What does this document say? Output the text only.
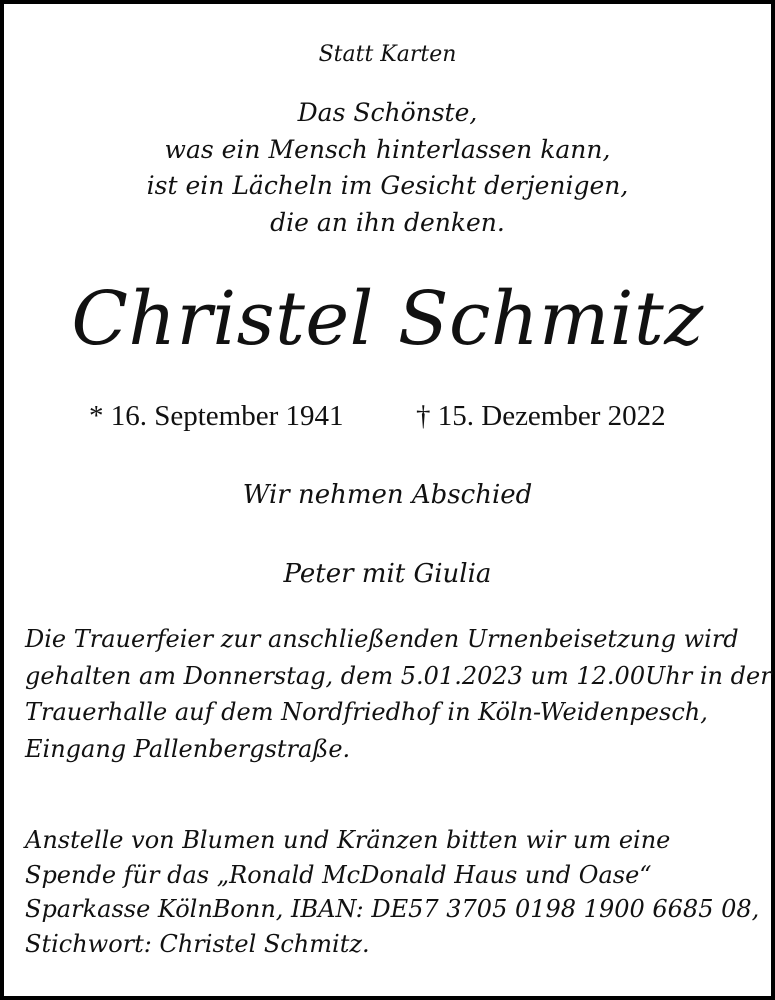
Statt Karten

Das Schönste,
was ein Mensch hinterlassen kann,
ist ein Lächeln im Gesicht derjenigen,
die an ihn denken.

Christel Schmitz

* 16. September 1941 † 15. Dezember 2022

Wir nehmen Abschied

Peter mit Giulia

Die Trauerfeier zur anschließenden Urnenbeisetzung wird
gehalten am Donnerstag, dem 5.01.2023 um 12.00Uhr in der
Trauerhalle auf dem Nordfriedhof in Köln-Weidenpesch,
Eingang Pallenbergstraße.

Anstelle von Blumen und Kränzen bitten wir um eine
Spende für das „Ronald McDonald Haus und Oase“
Sparkasse KölnBonn, IBAN: DE57 3705 0198 1900 6685 08,
Stichwort: Christel Schmitz.
